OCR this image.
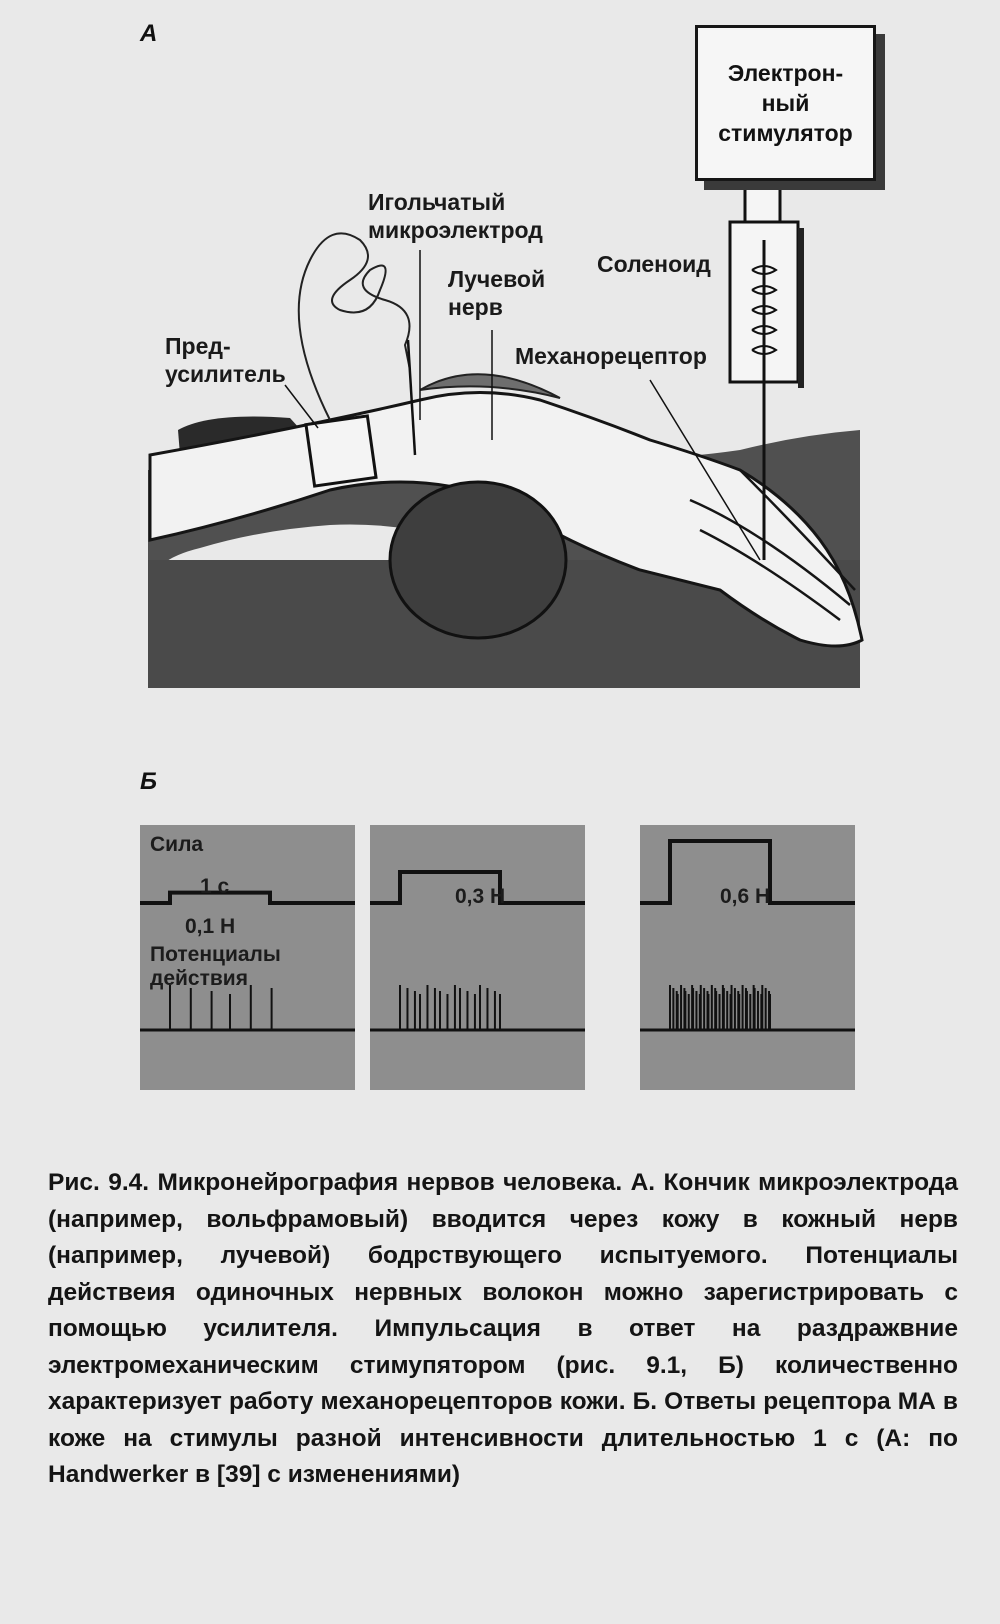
А
Электрон-
ный
стимулятор
Игольчатый
микроэлектрод
Соленоид
Лучевой
нерв
Пред-
усилитель
Механорецептор
Б
Сила
1 с
0,1 Н
Потенциалы
действия
0,3 Н	0,6 Н
Рис. 9.4. Микронейрография нервов человека. А. Кончик микроэлектрода (например, вольфрамовый) вводится через кожу в кожный нерв (например, лучевой) бодрствующего испытуемого. Потенциалы действеия одиночных нервных волокон можно зарегистрировать с помощью усилителя. Импульсация в ответ на раздражвние электромеханическим стимупятором (рис. 9.1, Б) количественно характеризует работу механорецепторов кожи. Б. Ответы рецептора МА в коже на стимулы разной интенсивности длительностью 1 с (А: по Handwerker в [39] с изменениями)
